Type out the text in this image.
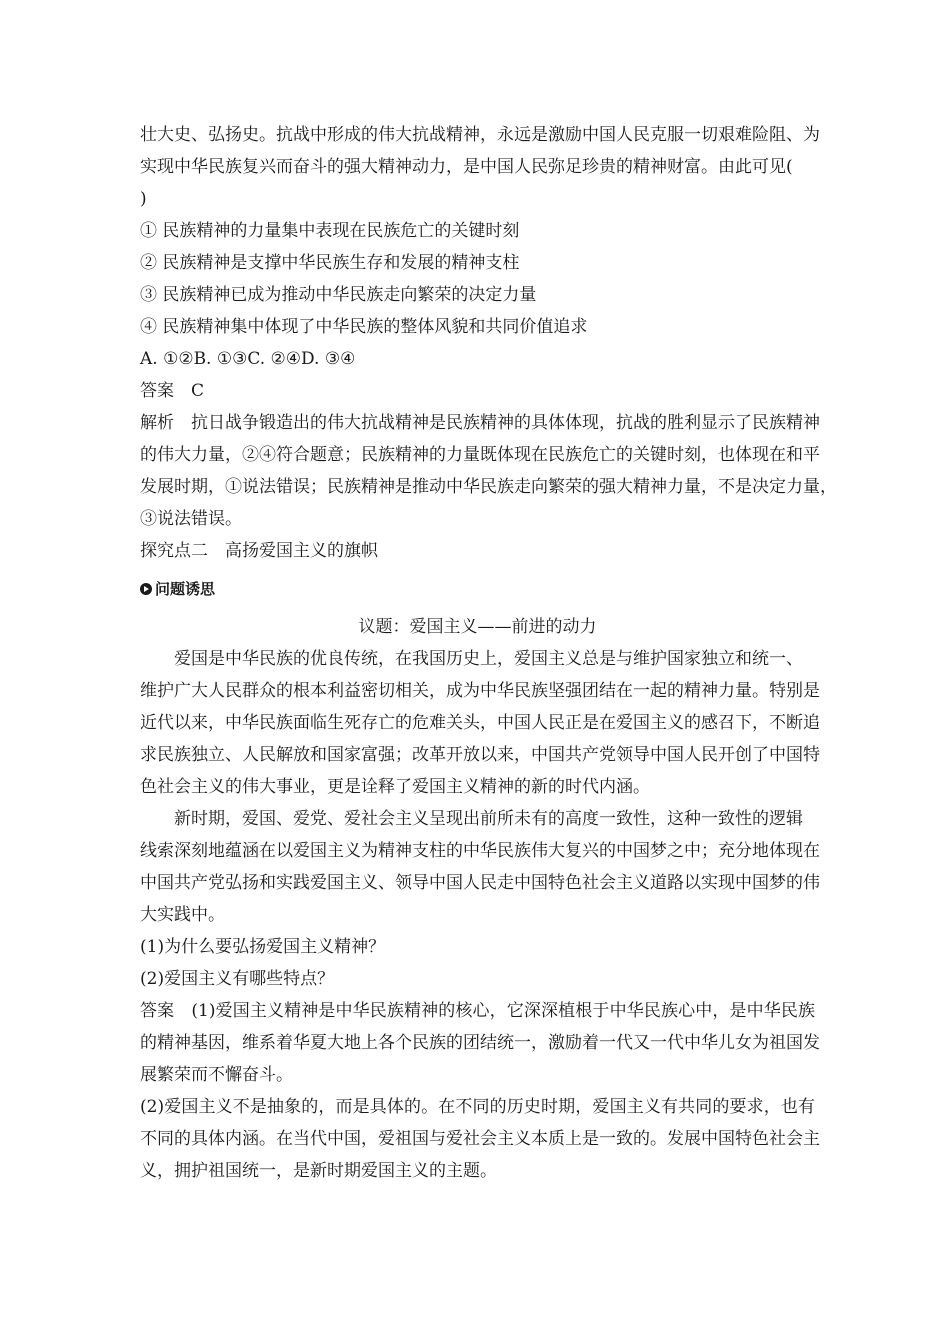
壮大史、弘扬史。抗战中形成的伟大抗战精神，永远是激励中国人民克服一切艰难险阻、为
实现中华民族复兴而奋斗的强大精神动力，是中国人民弥足珍贵的精神财富。由此可见(
)
① 民族精神的力量集中表现在民族危亡的关键时刻
② 民族精神是支撑中华民族生存和发展的精神支柱
③ 民族精神已成为推动中华民族走向繁荣的决定力量
④ 民族精神集中体现了中华民族的整体风貌和共同价值追求
A. ①②B. ①③C. ②④D. ③④
答案　C
解析　抗日战争锻造出的伟大抗战精神是民族精神的具体体现，抗战的胜利显示了民族精神
的伟大力量，②④符合题意；民族精神的力量既体现在民族危亡的关键时刻，也体现在和平
发展时期，①说法错误；民族精神是推动中华民族走向繁荣的强大精神力量，不是决定力量，
③说法错误。
探究点二　高扬爱国主义的旗帜
问题诱思
议题：爱国主义——前进的动力
爱国是中华民族的优良传统，在我国历史上，爱国主义总是与维护国家独立和统一、
维护广大人民群众的根本利益密切相关，成为中华民族坚强团结在一起的精神力量。特别是
近代以来，中华民族面临生死存亡的危难关头，中国人民正是在爱国主义的感召下，不断追
求民族独立、人民解放和国家富强；改革开放以来，中国共产党领导中国人民开创了中国特
色社会主义的伟大事业，更是诠释了爱国主义精神的新的时代内涵。
新时期，爱国、爱党、爱社会主义呈现出前所未有的高度一致性，这种一致性的逻辑
线索深刻地蕴涵在以爱国主义为精神支柱的中华民族伟大复兴的中国梦之中；充分地体现在
中国共产党弘扬和实践爱国主义、领导中国人民走中国特色社会主义道路以实现中国梦的伟
大实践中。
(1)为什么要弘扬爱国主义精神？
(2)爱国主义有哪些特点？
答案　(1)爱国主义精神是中华民族精神的核心，它深深植根于中华民族心中，是中华民族
的精神基因，维系着华夏大地上各个民族的团结统一，激励着一代又一代中华儿女为祖国发
展繁荣而不懈奋斗。
(2)爱国主义不是抽象的，而是具体的。在不同的历史时期，爱国主义有共同的要求，也有
不同的具体内涵。在当代中国，爱祖国与爱社会主义本质上是一致的。发展中国特色社会主
义，拥护祖国统一，是新时期爱国主义的主题。
